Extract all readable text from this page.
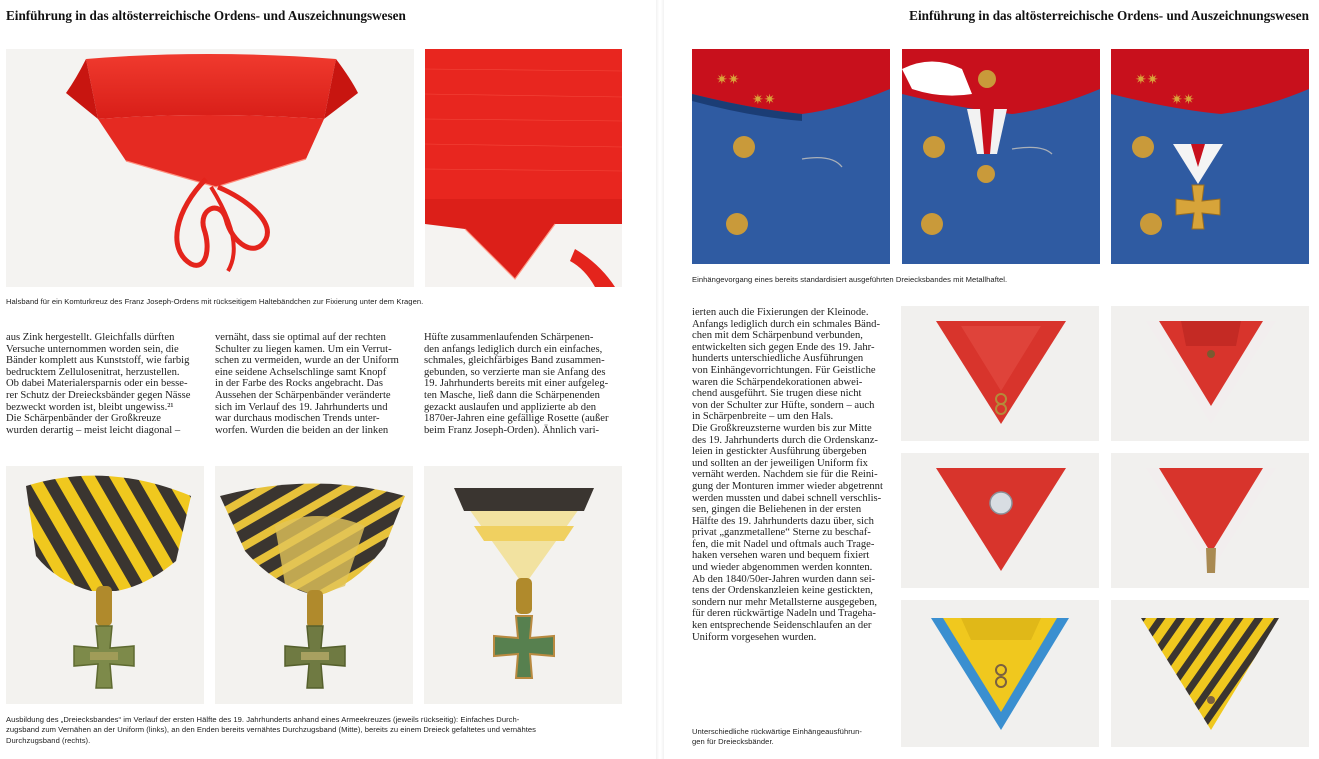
Einführung in das altösterreichische Ordens- und Auszeichnungswesen
Halsband für ein Komturkreuz des Franz Joseph-Ordens mit rückseitigem Haltebändchen zur Fixierung unter dem Kragen.
aus Zink hergestellt. Gleichfalls dürften
Versuche unternommen worden sein, die
Bänder komplett aus Kunststoff, wie farbig
bedrucktem Zellulosenitrat, herzustellen.
Ob dabei Materialersparnis oder ein besse-
rer Schutz der Dreiecksbänder gegen Nässe
bezweckt worden ist, bleibt ungewiss.²¹
Die Schärpenbänder der Großkreuze
wurden derartig – meist leicht diagonal –
vernäht, dass sie optimal auf der rechten
Schulter zu liegen kamen. Um ein Verrut-
schen zu vermeiden, wurde an der Uniform
eine seidene Achselschlinge samt Knopf
in der Farbe des Rocks angebracht. Das
Aussehen der Schärpenbänder veränderte
sich im Verlauf des 19. Jahrhunderts und
war durchaus modischen Trends unter-
worfen. Wurden die beiden an der linken
Hüfte zusammenlaufenden Schärpenen-
den anfangs lediglich durch ein einfaches,
schmales, gleichfärbiges Band zusammen-
gebunden, so verzierte man sie Anfang des
19. Jahrhunderts bereits mit einer aufgeleg-
ten Masche, ließ dann die Schärpenenden
gezackt auslaufen und applizierte ab den
1870er-Jahren eine gefällige Rosette (außer
beim Franz Joseph-Orden). Ähnlich vari-
Ausbildung des „Dreiecksbandes“ im Verlauf der ersten Hälfte des 19. Jahrhunderts anhand eines Armeekreuzes (jeweils rückseitig): Einfaches Durch-
zugsband zum Vernähen an der Uniform (links), an den Enden bereits vernähtes Durchzugsband (Mitte), bereits zu einem Dreieck gefaltetes und vernähtes
Durchzugsband (rechts).
Einführung in das altösterreichische Ordens- und Auszeichnungswesen
✷✷
✷✷
✷✷
✷✷
Einhängevorgang eines bereits standardisiert ausgeführten Dreiecksbandes mit Metallhaftel.
ierten auch die Fixierungen der Kleinode.
Anfangs lediglich durch ein schmales Bänd-
chen mit dem Schärpenbund verbunden,
entwickelten sich gegen Ende des 19. Jahr-
hunderts unterschiedliche Ausführungen
von Einhängevorrichtungen. Für Geistliche
waren die Schärpendekorationen abwei-
chend ausgeführt. Sie trugen diese nicht
von der Schulter zur Hüfte, sondern – auch
in Schärpenbreite – um den Hals.
Die Großkreuzsterne wurden bis zur Mitte
des 19. Jahrhunderts durch die Ordenskanz-
leien in gestickter Ausführung übergeben
und sollten an der jeweiligen Uniform fix
vernäht werden. Nachdem sie für die Reini-
gung der Monturen immer wieder abgetrennt
werden mussten und dabei schnell verschlis-
sen, gingen die Beliehenen in der ersten
Hälfte des 19. Jahrhunderts dazu über, sich
privat „ganzmetallene“ Sterne zu beschaf-
fen, die mit Nadel und oftmals auch Trage-
haken versehen waren und bequem fixiert
und wieder abgenommen werden konnten.
Ab den 1840/50er-Jahren wurden dann sei-
tens der Ordenskanzleien keine gestickten,
sondern nur mehr Metallsterne ausgegeben,
für deren rückwärtige Nadeln und Trageha-
ken entsprechende Seidenschlaufen an der
Uniform vorgesehen wurden.
Unterschiedliche rückwärtige Einhängeausführun-
gen für Dreiecksbänder.
